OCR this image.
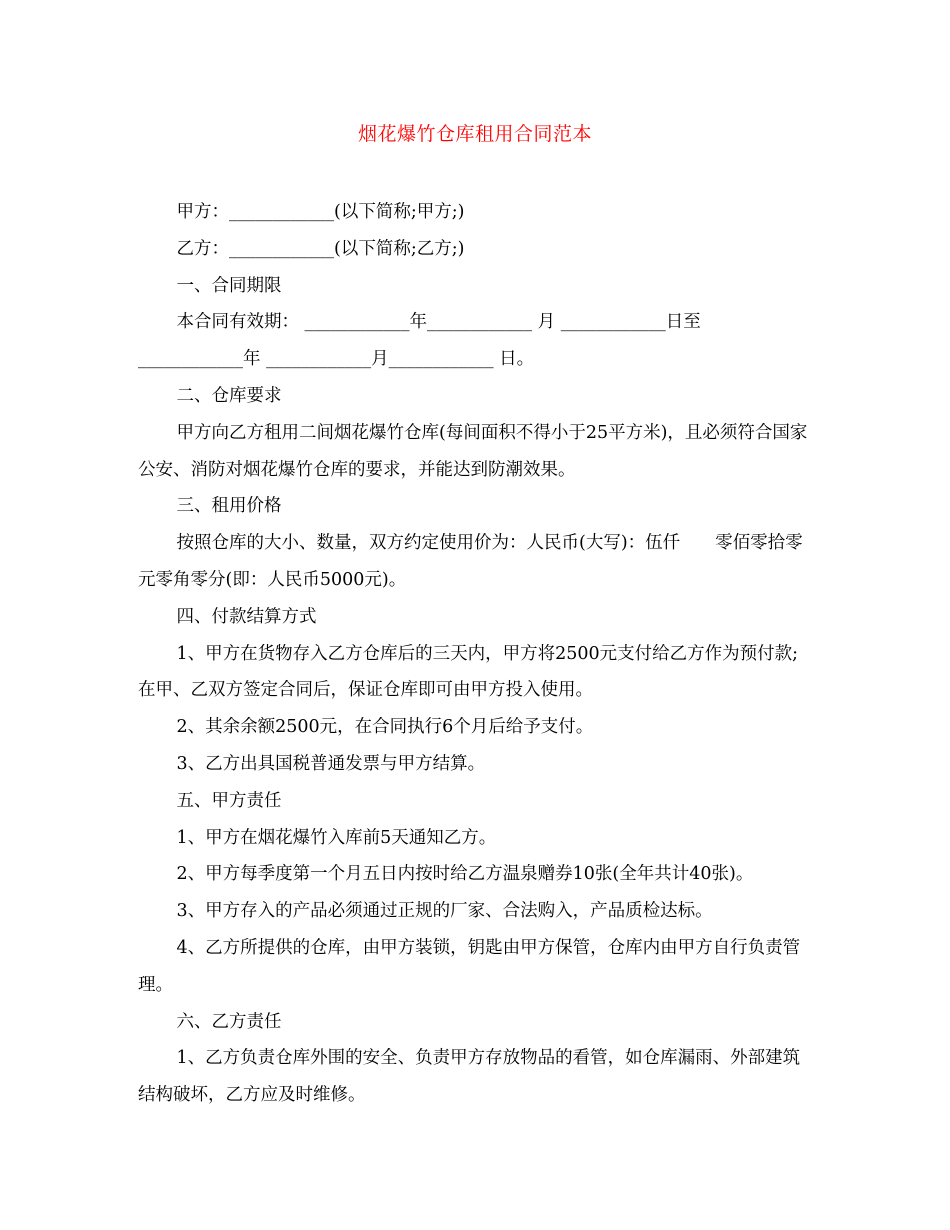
烟花爆竹仓库租用合同范本

甲方：____________(以下简称;甲方;)

乙方：____________(以下简称;乙方;)

一、合同期限

本合同有效期： ____________年____________ 月 ____________日至

____________年 ____________月____________ 日。

二、仓库要求

甲方向乙方租用二间烟花爆竹仓库(每间面积不得小于25平方米)，且必须符合国家公安、消防对烟花爆竹仓库的要求，并能达到防潮效果。

三、租用价格

按照仓库的大小、数量，双方约定使用价为：人民币(大写)：伍仟　　零佰零拾零元零角零分(即：人民币5000元)。

四、付款结算方式

1、甲方在货物存入乙方仓库后的三天内，甲方将2500元支付给乙方作为预付款;在甲、乙双方签定合同后，保证仓库即可由甲方投入使用。

2、其余余额2500元，在合同执行6个月后给予支付。

3、乙方出具国税普通发票与甲方结算。

五、甲方责任

1、甲方在烟花爆竹入库前5天通知乙方。

2、甲方每季度第一个月五日内按时给乙方温泉赠券10张(全年共计40张)。

3、甲方存入的产品必须通过正规的厂家、合法购入，产品质检达标。

4、乙方所提供的仓库，由甲方装锁，钥匙由甲方保管，仓库内由甲方自行负责管理。

六、乙方责任

1、乙方负责仓库外围的安全、负责甲方存放物品的看管，如仓库漏雨、外部建筑结构破坏，乙方应及时维修。
